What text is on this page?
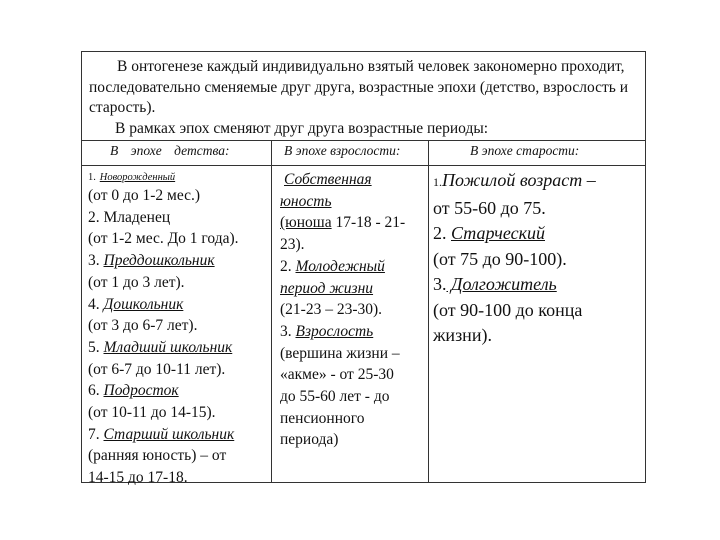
В онтогенезе каждый индивидуально взятый человек закономерно проходит, последовательно сменяемые друг друга, возрастные эпохи (детство, взрослость и старость).

В рамках эпох сменяют друг друга возрастные периоды:

В эпохе детства:	В эпохе взрослости:	В эпохе старости:
1. Новорожденный
(от 0 до 1-2 мес.)
2. Младенец
(от 1-2 мес. До 1 года).
3. Преддошкольник
(от 1 до 3 лет).
4. Дошкольник
(от 3 до 6-7 лет).
5. Младший школьник
(от 6-7 до 10-11 лет).
6. Подросток
(от 10-11 до 14-15).
7. Старший школьник
(ранняя юность) – от
14-15 до 17-18.
Собственная
юность
(юноша 17-18 - 21-
23).
2. Молодежный
период жизни
(21-23 – 23-30).
3. Взрослость
(вершина жизни –
«акме» - от 25-30
до 55-60 лет - до
пенсионного
периода)
1.Пожилой возраст –
от 55-60 до 75.
2. Старческий
(от 75 до 90-100).
3. Долгожитель
(от 90-100 до конца
жизни).
